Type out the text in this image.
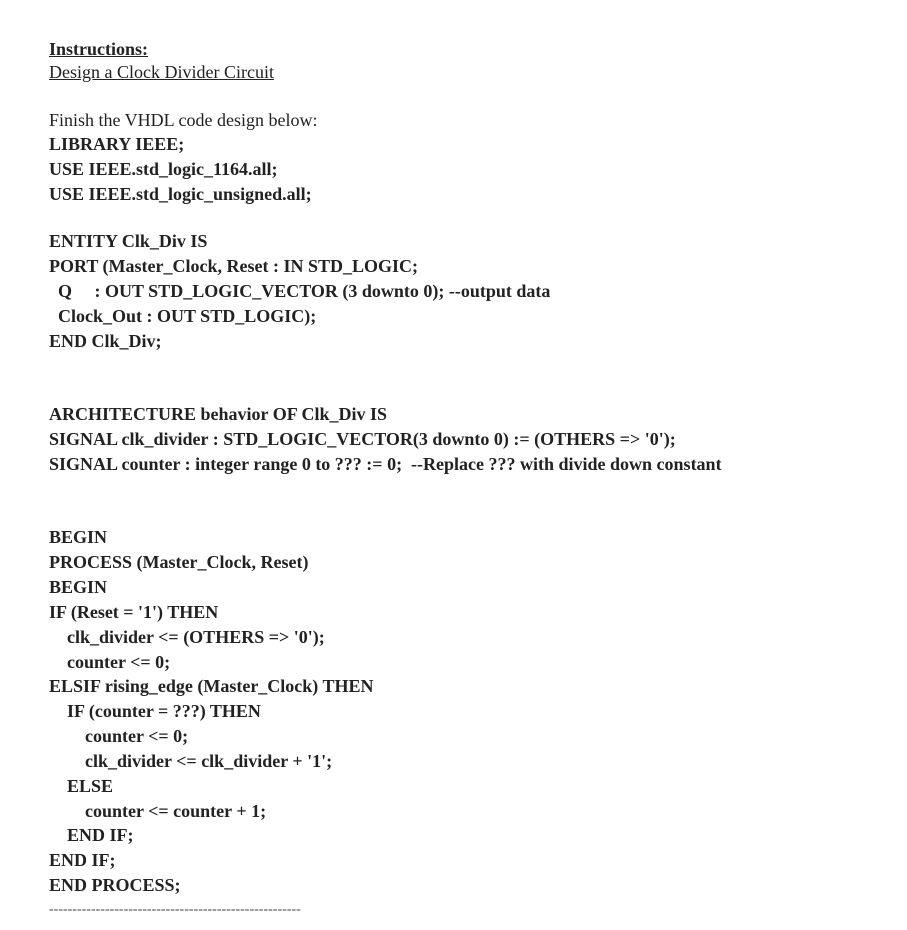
Instructions:
Design a Clock Divider Circuit
Finish the VHDL code design below:
LIBRARY IEEE;
USE IEEE.std_logic_1164.all;
USE IEEE.std_logic_unsigned.all;
ENTITY Clk_Div IS
PORT (Master_Clock, Reset : IN STD_LOGIC;
Q     : OUT STD_LOGIC_VECTOR (3 downto 0); --output data
Clock_Out : OUT STD_LOGIC);
END Clk_Div;
ARCHITECTURE behavior OF Clk_Div IS
SIGNAL clk_divider : STD_LOGIC_VECTOR(3 downto 0) := (OTHERS => '0');
SIGNAL counter : integer range 0 to ??? := 0;  --Replace ??? with divide down constant
BEGIN
PROCESS (Master_Clock, Reset)
BEGIN
IF (Reset = '1') THEN
clk_divider <= (OTHERS => '0');
counter <= 0;
ELSIF rising_edge (Master_Clock) THEN
IF (counter = ???) THEN
counter <= 0;
clk_divider <= clk_divider + '1';
ELSE
counter <= counter + 1;
END IF;
END IF;
END PROCESS;
------------------------------------------------------
